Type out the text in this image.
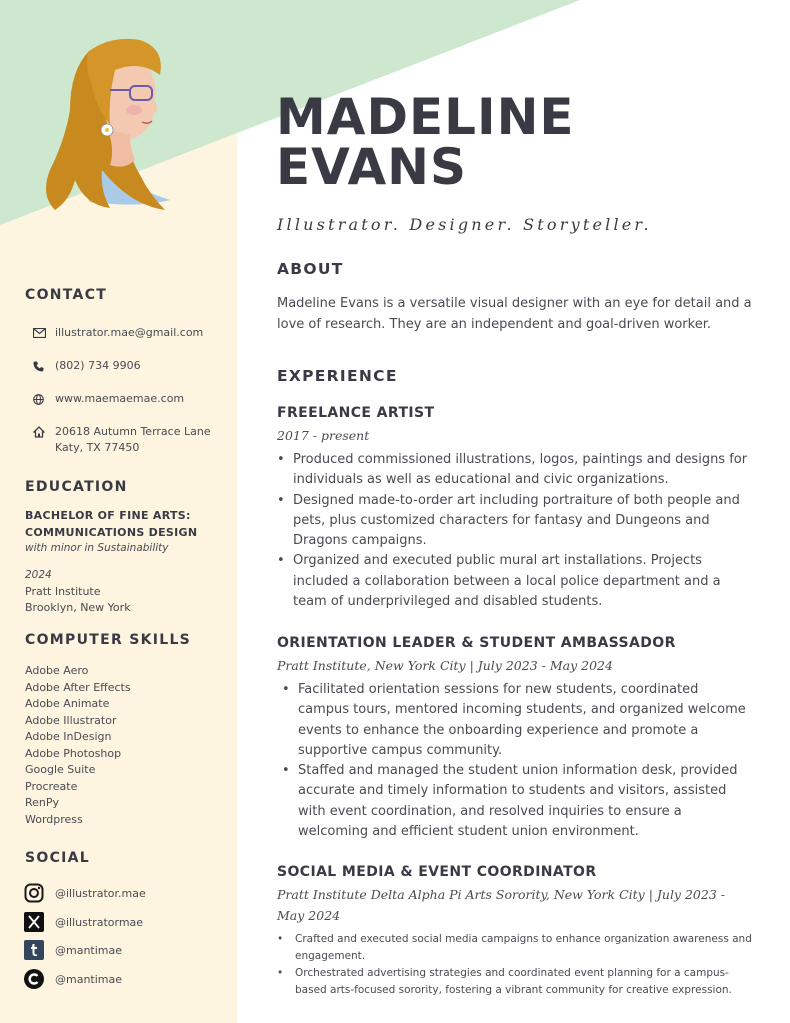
MADELINE
EVANS
Illustrator. Designer. Storyteller.
ABOUT
Madeline Evans is a versatile visual designer with an eye for detail and a love of research. They are an independent and goal-driven worker.
CONTACT
illustrator.mae@gmail.com
(802) 734 9906
www.maemaemae.com
20618 Autumn Terrace Lane
Katy, TX 77450
EDUCATION
BACHELOR OF FINE ARTS:
COMMUNICATIONS DESIGN
with minor in Sustainability
2024
Pratt Institute
Brooklyn, New York
COMPUTER SKILLS
Adobe Aero
Adobe After Effects
Adobe Animate
Adobe Illustrator
Adobe InDesign
Adobe Photoshop
Google Suite
Procreate
RenPy
Wordpress
SOCIAL
@illustrator.mae
@illustratormae
@mantimae
@mantimae
EXPERIENCE
FREELANCE ARTIST
2017 - present
• Produced commissioned illustrations, logos, paintings and designs for individuals as well as educational and civic organizations.
• Designed made-to-order art including portraiture of both people and pets, plus customized characters for fantasy and Dungeons and Dragons campaigns.
• Organized and executed public mural art installations. Projects included a collaboration between a local police department and a team of underprivileged and disabled students.
ORIENTATION LEADER & STUDENT AMBASSADOR
Pratt Institute, New York City | July 2023 - May 2024
• Facilitated orientation sessions for new students, coordinated campus tours, mentored incoming students, and organized welcome events to enhance the onboarding experience and promote a supportive campus community.
• Staffed and managed the student union information desk, provided accurate and timely information to students and visitors, assisted with event coordination, and resolved inquiries to ensure a welcoming and efficient student union environment.
SOCIAL MEDIA & EVENT COORDINATOR
Pratt Institute Delta Alpha Pi Arts Sorority, New York City | July 2023 - May 2024
• Crafted and executed social media campaigns to enhance organization awareness and engagement.
• Orchestrated advertising strategies and coordinated event planning for a campus-based arts-focused sorority, fostering a vibrant community for creative expression.
